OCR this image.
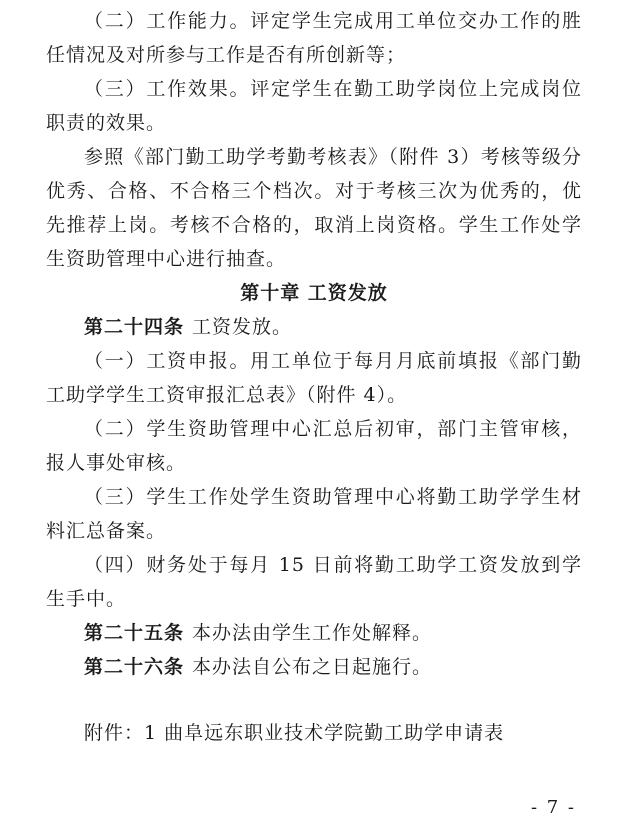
（二）工作能力。评定学生完成用工单位交办工作的胜任情况及对所参与工作是否有所创新等；

（三）工作效果。评定学生在勤工助学岗位上完成岗位职责的效果。

参照《部门勤工助学考勤考核表》（附件 3）考核等级分优秀、合格、不合格三个档次。对于考核三次为优秀的，优先推荐上岗。考核不合格的，取消上岗资格。学生工作处学生资助管理中心进行抽查。

第十章 工资发放

第二十四条 工资发放。

（一）工资申报。用工单位于每月月底前填报《部门勤工助学学生工资审报汇总表》（附件 4）。

（二）学生资助管理中心汇总后初审，部门主管审核，报人事处审核。

（三）学生工作处学生资助管理中心将勤工助学学生材料汇总备案。

（四）财务处于每月 15 日前将勤工助学工资发放到学生手中。

第二十五条 本办法由学生工作处解释。

第二十六条 本办法自公布之日起施行。

附件：1 曲阜远东职业技术学院勤工助学申请表

- 7 -
